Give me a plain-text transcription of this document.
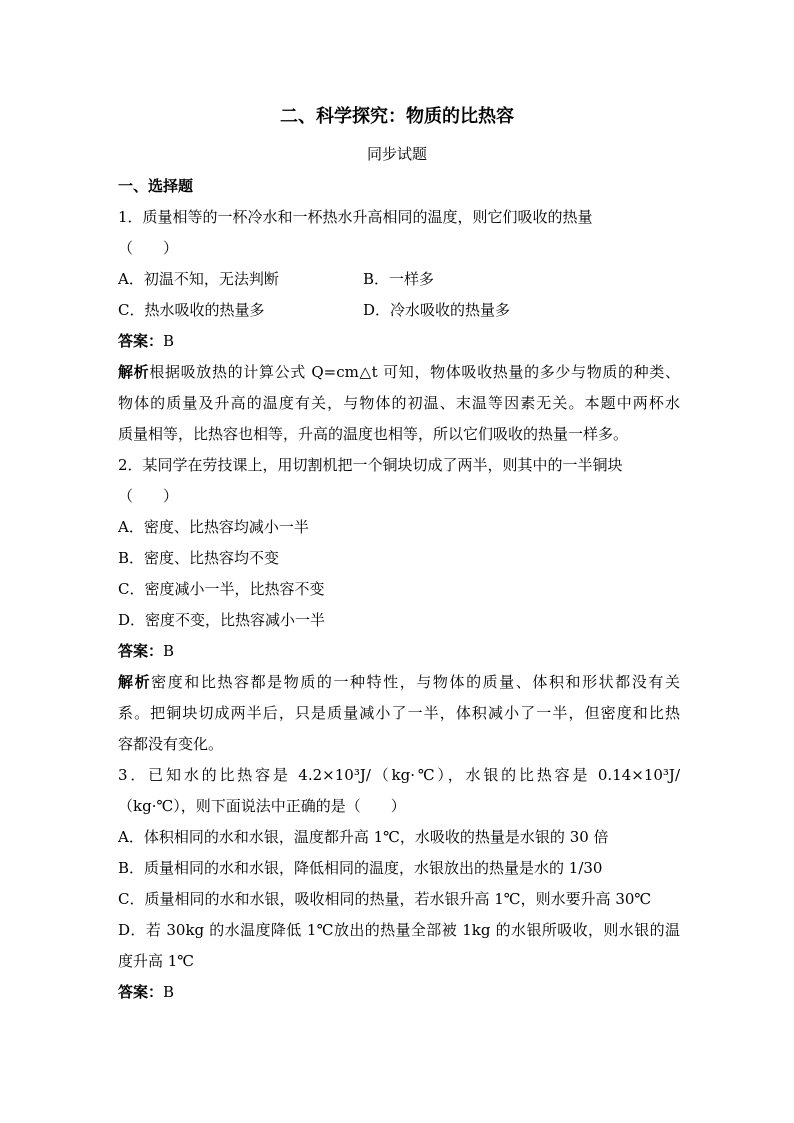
二、科学探究：物质的比热容
同步试题
一、选择题
1．质量相等的一杯冷水和一杯热水升高相同的温度，则它们吸收的热量
（　　）
A．初温不知，无法判断	B．一样多
C．热水吸收的热量多	D．冷水吸收的热量多
答案：B
解析根据吸放热的计算公式 Q=cm△t 可知，物体吸收热量的多少与物质的种类、
物体的质量及升高的温度有关，与物体的初温、末温等因素无关。本题中两杯水
质量相等，比热容也相等，升高的温度也相等，所以它们吸收的热量一样多。
2．某同学在劳技课上，用切割机把一个铜块切成了两半，则其中的一半铜块
（　　）
A．密度、比热容均减小一半
B．密度、比热容均不变
C．密度减小一半，比热容不变
D．密度不变，比热容减小一半
答案：B
解析密度和比热容都是物质的一种特性，与物体的质量、体积和形状都没有关
系。把铜块切成两半后，只是质量减小了一半，体积减小了一半，但密度和比热
容都没有变化。
3．已知水的比热容是 4.2×10³J/（kg·℃），水银的比热容是 0.14×10³J/
（kg·℃），则下面说法中正确的是（　　）
A．体积相同的水和水银，温度都升高 1℃，水吸收的热量是水银的 30 倍
B．质量相同的水和水银，降低相同的温度，水银放出的热量是水的 1/30
C．质量相同的水和水银，吸收相同的热量，若水银升高 1℃，则水要升高 30℃
D．若 30kg 的水温度降低 1℃放出的热量全部被 1kg 的水银所吸收，则水银的温
度升高 1℃
答案：B
